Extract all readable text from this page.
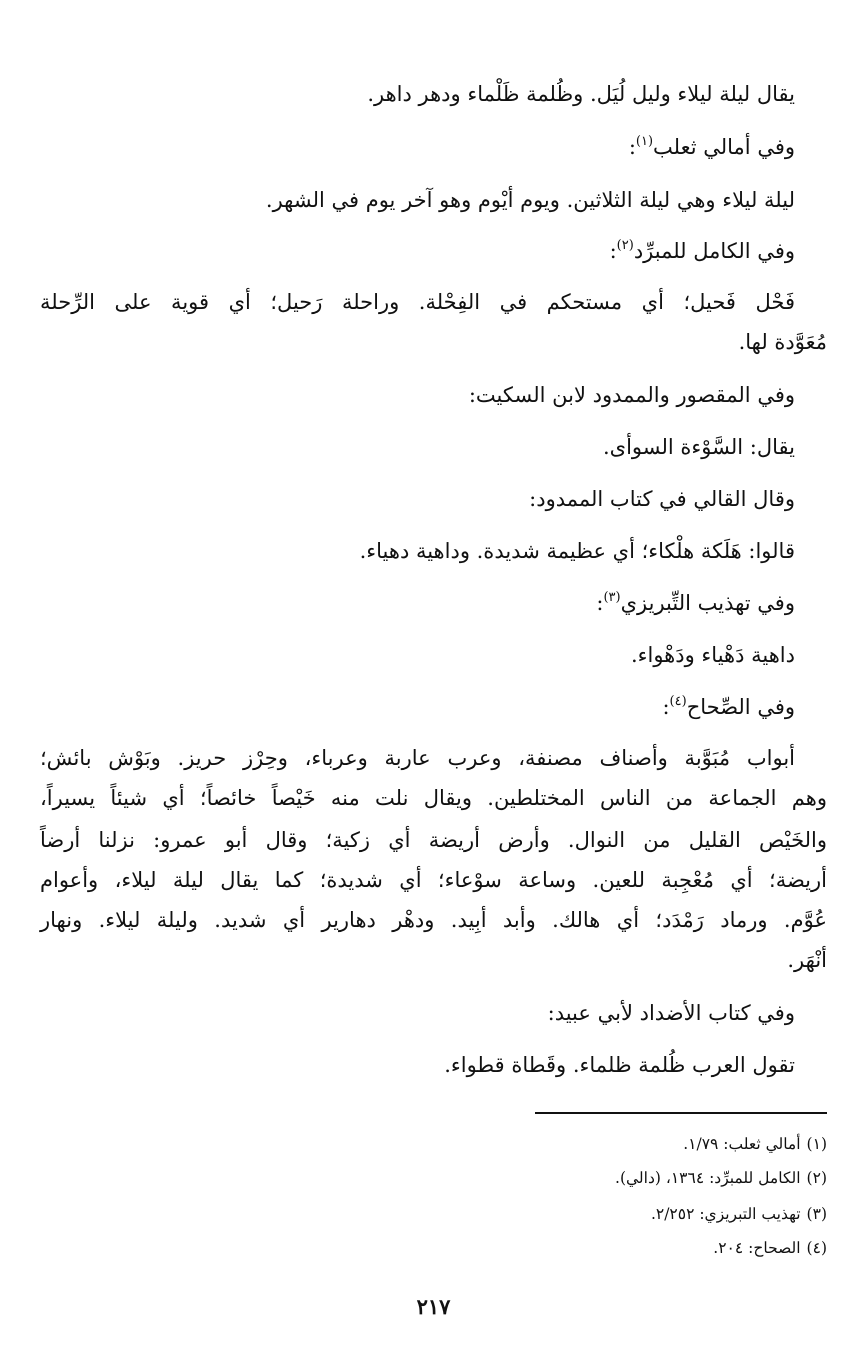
يقال ليلة ليلاء وليل لُيَل. وظُلمة ظَلْماء ودهر داهر.
وفي أمالي ثعلب$^{(١)}$:
ليلة ليلاء وهي ليلة الثلاثين. ويوم أيْوم وهو آخر يوم في الشهر.
وفي الكامل للمبرِّد$^{(٢)}$:
فَحْل فَحيل؛ أي مستحكم في الفِحْلة. وراحلة رَحيل؛ أي قوية على الرِّحلة
مُعَوَّدة لها.
وفي المقصور والممدود لابن السكيت:
يقال: السَّوْءة السوأى.
وقال القالي في كتاب الممدود:
قالوا: هَلَكة هلْكاء؛ أي عظيمة شديدة. وداهية دهياء.
وفي تهذيب التِّبريزي$^{(٣)}$:
داهية دَهْياء ودَهْواء.
وفي الصِّحاح$^{(٤)}$:
أبواب مُبَوَّبة وأصناف مصنفة، وعرب عاربة وعرباء، وحِرْز حريز. وبَوْش بائش؛
وهم الجماعة من الناس المختلطين. ويقال نلت منه خَيْصاً خائصاً؛ أي شيئاً يسيراً،
والخَيْص القليل من النوال. وأرض أريضة أي زكية؛ وقال أبو عمرو: نزلنا أرضاً
أريضة؛ أي مُعْجِبة للعين. وساعة سوْعاء؛ أي شديدة؛ كما يقال ليلة ليلاء، وأعوام
عُوَّم. ورماد رَمْدَد؛ أي هالك. وأبد أبِيد. ودهْر دهارير أي شديد. وليلة ليلاء. ونهار
أنْهَر.
وفي كتاب الأضداد لأبي عبيد:
تقول العرب ظُلمة ظلماء. وقَطاة قطواء.
(١)أمالي ثعلب: ١/٧٩.
(٢)الكامل للمبرِّد: ١٣٦٤، (دالي).
(٣)تهذيب التبريزي: ٢/٢٥٢.
(٤)الصحاح: ٢٠٤.
٢١٧
